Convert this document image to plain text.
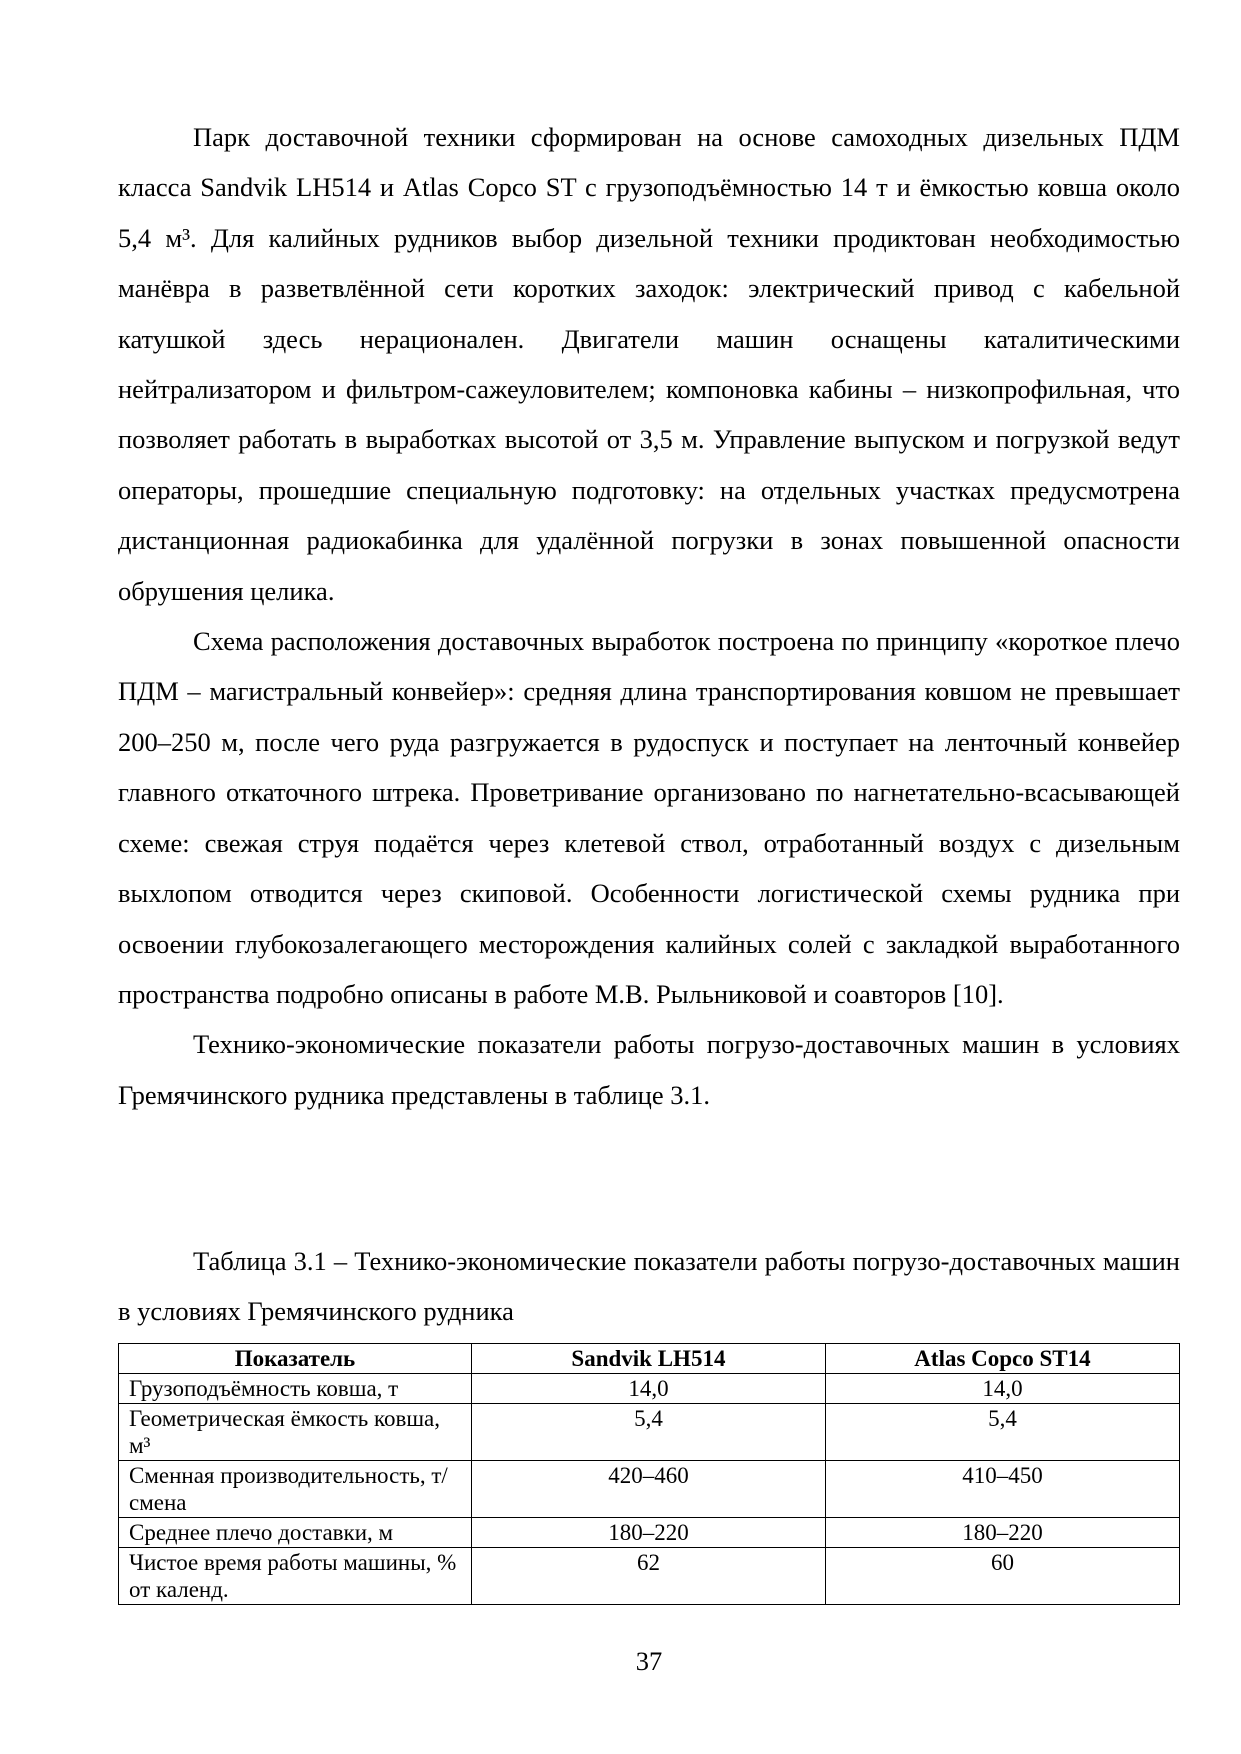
Парк доставочной техники сформирован на основе самоходных дизельных ПДМ класса Sandvik LH514 и Atlas Copco ST с грузоподъёмностью 14 т и ёмкостью ковша около 5,4 м³. Для калийных рудников выбор дизельной техники продиктован необходимостью манёвра в разветвлённой сети коротких заходок: электрический привод с кабельной катушкой здесь нерационален. Двигатели машин оснащены каталитическими нейтрализатором и фильтром-сажеуловителем; компоновка кабины – низкопрофильная, что позволяет работать в выработках высотой от 3,5 м. Управление выпуском и погрузкой ведут операторы, прошедшие специальную подготовку: на отдельных участках предусмотрена дистанционная радиокабинка для удалённой погрузки в зонах повышенной опасности обрушения целика.

Схема расположения доставочных выработок построена по принципу «короткое плечо ПДМ – магистральный конвейер»: средняя длина транспортирования ковшом не превышает 200–250 м, после чего руда разгружается в рудоспуск и поступает на ленточный конвейер главного откаточного штрека. Проветривание организовано по нагнетательно-всасывающей схеме: свежая струя подаётся через клетевой ствол, отработанный воздух с дизельным выхлопом отводится через скиповой. Особенности логистической схемы рудника при освоении глубокозалегающего месторождения калийных солей с закладкой выработанного пространства подробно описаны в работе М.В. Рыльниковой и соавторов [10].

Технико-экономические показатели работы погрузо-доставочных машин в условиях Гремячинского рудника представлены в таблице 3.1.

Таблица 3.1 – Технико-экономические показатели работы погрузо-доставочных машин в условиях Гремячинского рудника

Показатель	Sandvik LH514	Atlas Copco ST14
Грузоподъёмность ковша, т	14,0	14,0
Геометрическая ёмкость ковша, м³	5,4	5,4
Сменная производительность, т/смена	420–460	410–450
Среднее плечо доставки, м	180–220	180–220
Чистое время работы машины, % от календ.	62	60
37
